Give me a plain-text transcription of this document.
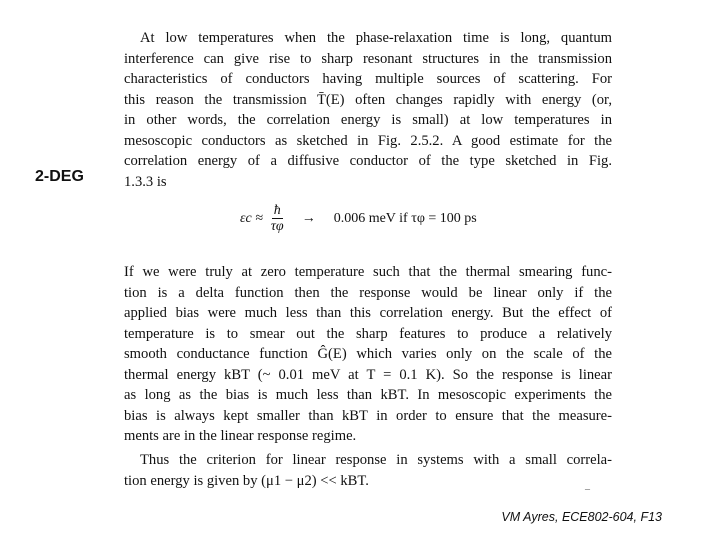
2-DEG

At low temperatures when the phase-relaxation time is long, quantum
interference can give rise to sharp resonant structures in the transmission
characteristics of conductors having multiple sources of scattering. For
this reason the transmission T̄(E) often changes rapidly with energy (or,
in other words, the correlation energy is small) at low temperatures in
mesoscopic conductors as sketched in Fig. 2.5.2. A good estimate for the
correlation energy of a diffusive conductor of the type sketched in Fig.
1.3.3 is

$\varepsilon c \approx \frac{ħ}{\tau\varphi} \to 0.006$ meV if τφ = 100 ps

If we were truly at zero temperature such that the thermal smearing func-
tion is a delta function then the response would be linear only if the
applied bias were much less than this correlation energy. But the effect of
temperature is to smear out the sharp features to produce a relatively
smooth conductance function Ĝ(E) which varies only on the scale of the
thermal energy kBT (~ 0.01 meV at T = 0.1 K). So the response is linear
as long as the bias is much less than kBT. In mesoscopic experiments the
bias is always kept smaller than kBT in order to ensure that the measure-
ments are in the linear response regime.

Thus the criterion for linear response in systems with a small correla-
tion energy is given by (μ1 − μ2) << kBT.	_
VM Ayres, ECE802-604, F13
